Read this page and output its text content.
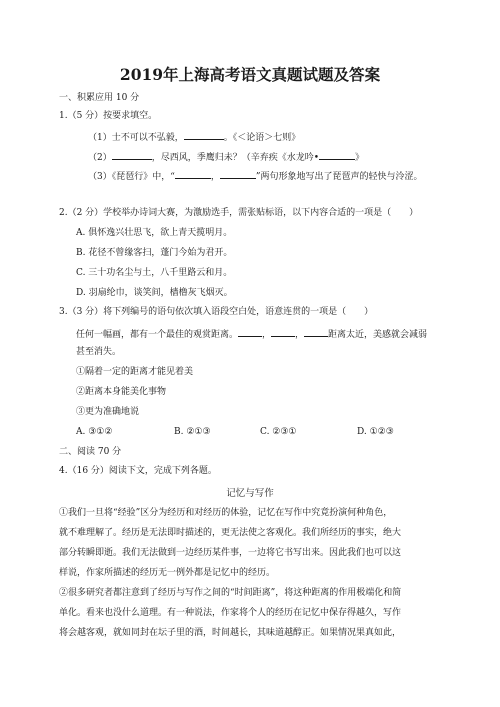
2019年上海高考语文真题试题及答案
一、积累应用 10 分
1.（5 分）按要求填空。
（1）士不可以不弘毅，	。《＜论语＞七则》
（2）	，尽西风，季鹰归未？（辛弃疾《水龙吟•	》
（3）《琵琶行》中，“	，	”两句形象地写出了琵琶声的轻快与泠涩。
2.（2 分）学校举办诗词大赛，为激励选手，需张贴标语，以下内容合适的一项是（　　）
A. 俱怀逸兴壮思飞，欲上青天揽明月。
B. 花径不曾缘客扫，蓬门今始为君开。
C. 三十功名尘与土，八千里路云和月。
D. 羽扇纶巾，谈笑间，樯橹灰飞烟灭。
3.（3 分）将下列编号的语句依次填入语段空白处，语意连贯的一项是（　　）
任何一幅画，都有一个最佳的观赏距离。	，	，	距离太近，美感就会减弱
甚至消失。
①隔着一定的距离才能见着美
②距离本身能美化事物
③更为准确地说
A. ③①②	B. ②①③	C. ②③①	D. ①②③
二、阅读 70 分
4.（16 分）阅读下文，完成下列各题。
记忆与写作
①我们一旦将“经验”区分为经历和对经历的体验，记忆在写作中究竟扮演何种角色，
就不难理解了。经历是无法即时描述的，更无法使之客观化。我们所经历的事实，绝大
部分转瞬即逝。我们无法做到一边经历某件事，一边将它书写出来。因此我们也可以这
样说，作家所描述的经历无一例外都是记忆中的经历。
②很多研究者都注意到了经历与写作之间的“时间距离”，将这种距离的作用极端化和简
单化。看来也没什么道理。有一种说法，作家将个人的经历在记忆中保存得越久，写作
将会越客观，就如同封在坛子里的酒，时间越长，其味道越醇正。如果情况果真如此，
